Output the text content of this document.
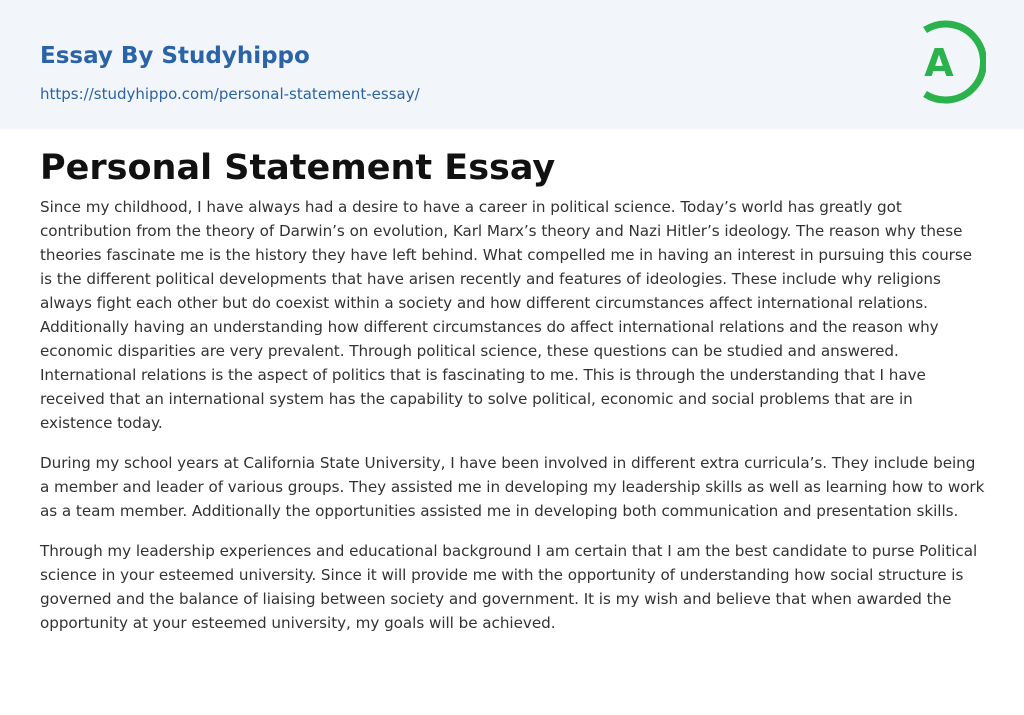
Essay By Studyhippo
https://studyhippo.com/personal-statement-essay/
A
Personal Statement Essay

Since my childhood, I have always had a desire to have a career in political science. Today’s world has greatly got contribution from the theory of Darwin’s on evolution, Karl Marx’s theory and Nazi Hitler’s ideology. The reason why these theories fascinate me is the history they have left behind. What compelled me in having an interest in pursuing this course is the different political developments that have arisen recently and features of ideologies. These include why religions always fight each other but do coexist within a society and how different circumstances affect international relations. Additionally having an understanding how different circumstances do affect international relations and the reason why economic disparities are very prevalent. Through political science, these questions can be studied and answered. International relations is the aspect of politics that is fascinating to me. This is through the understanding that I have received that an international system has the capability to solve political, economic and social problems that are in existence today.

During my school years at California State University, I have been involved in different extra curricula’s. They include being a member and leader of various groups. They assisted me in developing my leadership skills as well as learning how to work as a team member. Additionally the opportunities assisted me in developing both communication and presentation skills.

Through my leadership experiences and educational background I am certain that I am the best candidate to purse Political science in your esteemed university. Since it will provide me with the opportunity of understanding how social structure is governed and the balance of liaising between society and government. It is my wish and believe that when awarded the opportunity at your esteemed university, my goals will be achieved.
